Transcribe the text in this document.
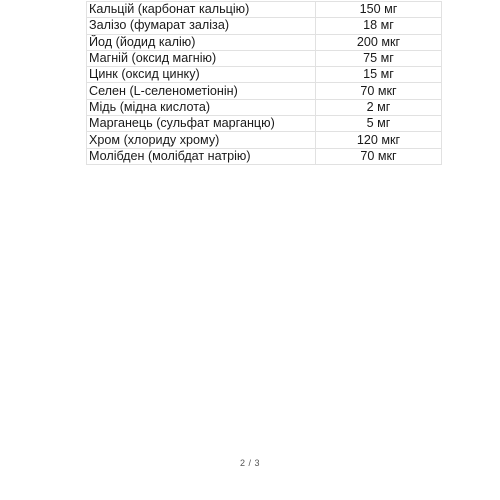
Кальцій (карбонат кальцію)	150 мг
Залізо (фумарат заліза)	18 мг
Йод (йодид калію)	200 мкг
Магній (оксид магнію)	75 мг
Цинк (оксид цинку)	15 мг
Селен (L-селенометіонін)	70 мкг
Мідь (мідна кислота)	2 мг
Марганець (сульфат марганцю)	5 мг
Хром (хлориду хрому)	120 мкг
Молібден (молібдат натрію)	70 мкг
2 / 3
